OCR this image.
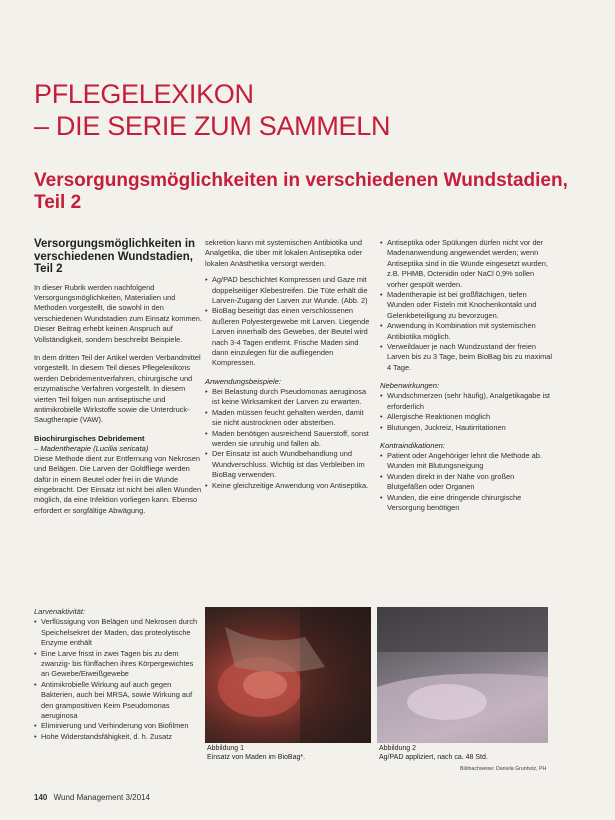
PFLEGELEXIKON
– DIE SERIE ZUM SAMMELN
Versorgungsmöglichkeiten in verschiedenen Wundstadien, Teil 2
Versorgungsmöglichkeiten in verschiedenen Wundstadien, Teil 2

In dieser Rubrik werden nachfolgend Versorgungsmöglichkeiten, Materialien und Methoden vorgestellt, die sowohl in den verschiedenen Wundstadien zum Einsatz kommen. Dieser Beitrag erhebt keinen Anspruch auf Vollständigkeit, sondern beschreibt Beispiele.

In dem dritten Teil der Artikel werden Verbandmittel vorgestellt. In diesem Teil dieses Pflegelexikons werden Debridementverfahren, chirurgische und enzymatische Verfahren vorgestellt. In diesem vierten Teil folgen nun antiseptische und antimikrobielle Wirkstoffe sowie die Unterdruck-Saugtherapie (VAW).

Biochirurgisches Debridement
– Madentherapie (Lucilia sericata)

Diese Methode dient zur Entfernung von Nekrosen und Belägen. Die Larven der Goldfliege werden dafür in einem Beutel oder frei in die Wunde eingebracht. Der Einsatz ist nicht bei allen Wunden möglich, da eine Infektion vorliegen kann. Ebenso erfordert er sorgfältige Abwägung.

sekretion kann mit systemischen Antibiotika und Analgetika, die über mit lokalen Antiseptika oder lokalen Anästhetika versorgt werden.

• Ag/PAD beschichtet Kompressen und Gaze mit doppelseitiger Klebestreifen. Die Tüte erhält die Larven-Zugang der Larven zur Wunde. (Abb. 2)
• BioBag beseitigt das einen verschlossenen äußeren Polyestergewebe mit Larven. Liegende Larven innerhalb des Gewebes, der Beutel wird nach 3-4 Tagen entfernt. Frische Maden sind dann einzulegen für die aufliegenden Kompressen.
Anwendungsbeispiele:
• Bei Belastung durch Pseudomonas aeruginosa ist keine Wirksamkeit der Larven zu erwarten.
• Maden müssen feucht gehalten werden, damit sie nicht austrocknen oder absterben.
• Maden benötigen ausreichend Sauerstoff, sonst werden sie unruhig und fallen ab.
• Der Einsatz ist auch Wundbehandlung und Wundverschluss. Wichtig ist das Verbleiben im BioBag verwenden.
• Keine gleichzeitige Anwendung von Antiseptika.
• Antiseptika oder Spülungen dürfen nicht vor der Madenanwendung angewendet werden; wenn Antiseptika sind in die Wunde eingesetzt wurden, z.B. PHMB, Octenidin oder NaCl 0,9% sollen vorher gespült werden.
• Madentherapie ist bei großflächigen, tiefen Wunden oder Fisteln mit Knochenkontakt und Gelenkbeteiligung zu bevorzugen.
• Anwendung in Kombination mit systemischen Antibiotika möglich.
• Verweildauer je nach Wundzustand der freien Larven bis zu 3 Tage, beim BioBag bis zu maximal 4 Tage.
Nebenwirkungen:
• Wundschmerzen (sehr häufig), Analgetikagabe ist erforderlich
• Allergische Reaktionen möglich
• Blutungen, Juckreiz, Hautirritationen
Kontraindikationen:
• Patient oder Angehöriger lehnt die Methode ab. Wunden mit Blutungsneigung
• Wunden direkt in der Nähe von großen Blutgefäßen oder Organen
• Wunden, die eine dringende chirurgische Versorgung benötigen
Larvenaktivität:
• Verflüssigung von Belägen und Nekrosen durch Speichelsekret der Maden, das proteolytische Enzyme enthält
• Eine Larve frisst in zwei Tagen bis zu dem zwanzig- bis fünffachen ihres Körpergewichtes an Gewebe/Eiweißgewebe
• Antimikrobielle Wirkung auf auch gegen Bakterien, auch bei MRSA, sowie Wirkung auf den grampositiven Keim Pseudomonas aeruginosa
• Eliminierung und Verhinderung von Biofilmen
• Hohe Widerstandsfähigkeit, d. h. Zusatz
Abbildung 1
Einsatz von Maden im BioBag*.
Abbildung 2
Ag/PAD appliziert, nach ca. 48 Std.
Bildnachweise: Daniela Grunholz, PH
140 Wund Management 3/2014
